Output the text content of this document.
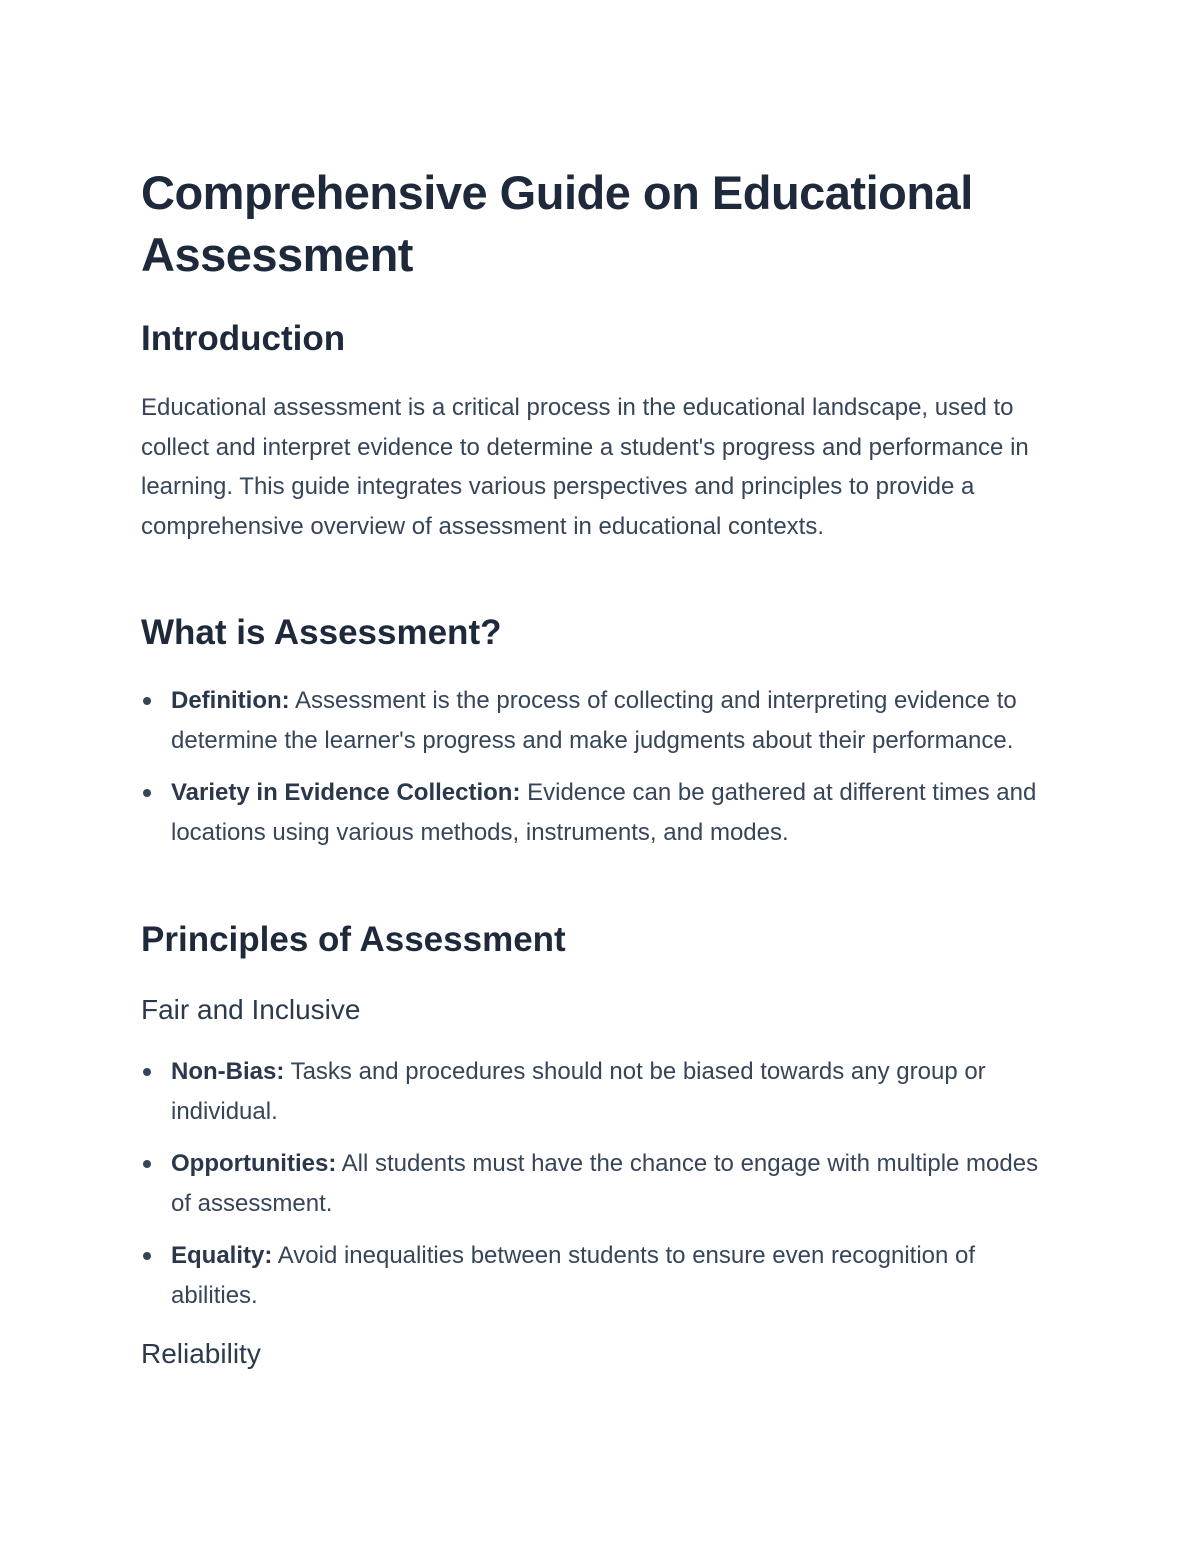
Comprehensive Guide on Educational Assessment
Introduction

Educational assessment is a critical process in the educational landscape, used to collect and interpret evidence to determine a student's progress and performance in learning. This guide integrates various perspectives and principles to provide a comprehensive overview of assessment in educational contexts.

What is Assessment?
Definition: Assessment is the process of collecting and interpreting evidence to determine the learner's progress and make judgments about their performance.
Variety in Evidence Collection: Evidence can be gathered at different times and locations using various methods, instruments, and modes.
Principles of Assessment
Fair and Inclusive
Non-Bias: Tasks and procedures should not be biased towards any group or individual.
Opportunities: All students must have the chance to engage with multiple modes of assessment.
Equality: Avoid inequalities between students to ensure even recognition of abilities.
Reliability
